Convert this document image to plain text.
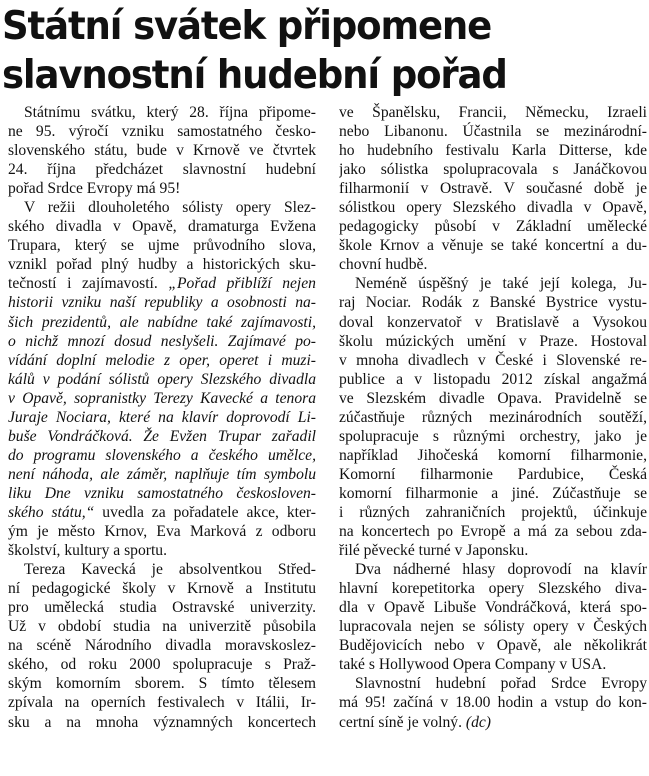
Státní svátek připomene
slavnostní hudební pořad
Státnímu svátku, který 28. října připome-
ne 95. výročí vzniku samostatného česko-
slovenského státu, bude v Krnově ve čtvrtek
24. října předcházet slavnostní hudební
pořad Srdce Evropy má 95!
V režii dlouholetého sólisty opery Slez-
ského divadla v Opavě, dramaturga Evžena
Trupara, který se ujme průvodního slova,
vznikl pořad plný hudby a historických sku-
tečností i zajímavostí. „Pořad přiblíží nejen
historii vzniku naší republiky a osobnosti na-
šich prezidentů, ale nabídne také zajímavosti,
o nichž mnozí dosud neslyšeli. Zajímavé po-
vídání doplní melodie z oper, operet i muzi-
kálů v podání sólistů opery Slezského divadla
v Opavě, sopranistky Terezy Kavecké a tenora
Juraje Nociara, které na klavír doprovodí Li-
buše Vondráčková. Že Evžen Trupar zařadil
do programu slovenského a českého umělce,
není náhoda, ale záměr, naplňuje tím symbolu
liku Dne vzniku samostatného českosloven-
ského státu,“ uvedla za pořadatele akce, kter-
ým je město Krnov, Eva Marková z odboru
školství, kultury a sportu.
Tereza Kavecká je absolventkou Střed-
ní pedagogické školy v Krnově a Institutu
pro umělecká studia Ostravské univerzity.
Už v období studia na univerzitě působila
na scéně Národního divadla moravskoslez-
ského, od roku 2000 spolupracuje s Praž-
ským komorním sborem. S tímto tělesem
zpívala na operních festivalech v Itálii, Ir-
sku a na mnoha významných koncertech
ve Španělsku, Francii, Německu, Izraeli
nebo Libanonu. Účastnila se mezinárodní-
ho hudebního festivalu Karla Ditterse, kde
jako sólistka spolupracovala s Janáčkovou
filharmonií v Ostravě. V současné době je
sólistkou opery Slezského divadla v Opavě,
pedagogicky působí v Základní umělecké
škole Krnov a věnuje se také koncertní a du-
chovní hudbě.
Neméně úspěšný je také její kolega, Ju-
raj Nociar. Rodák z Banské Bystrice vystu-
doval konzervatoř v Bratislavě a Vysokou
školu múzických umění v Praze. Hostoval
v mnoha divadlech v České i Slovenské re-
publice a v listopadu 2012 získal angažmá
ve Slezském divadle Opava. Pravidelně se
zúčastňuje různých mezinárodních soutěží,
spolupracuje s různými orchestry, jako je
například Jihočeská komorní filharmonie,
Komorní filharmonie Pardubice, Česká
komorní filharmonie a jiné. Zúčastňuje se
i různých zahraničních projektů, účinkuje
na koncertech po Evropě a má za sebou zda-
řilé pěvecké turné v Japonsku.
Dva nádherné hlasy doprovodí na klavír
hlavní korepetitorka opery Slezského diva-
dla v Opavě Libuše Vondráčková, která spo-
lupracovala nejen se sólisty opery v Českých
Budějovicích nebo v Opavě, ale několikrát
také s Hollywood Opera Company v USA.
Slavnostní hudební pořad Srdce Evropy
má 95! začíná v 18.00 hodin a vstup do kon-
certní síně je volný. (dc)
